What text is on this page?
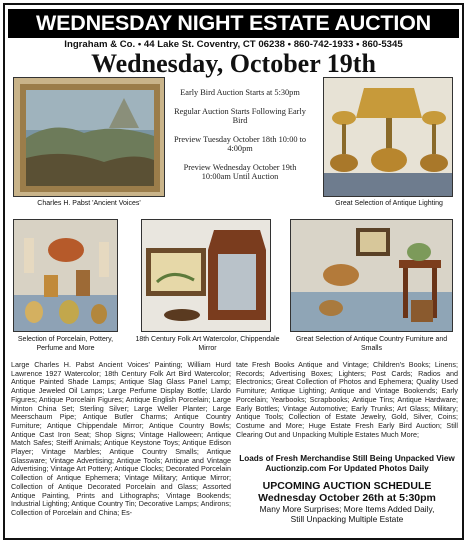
WEDNESDAY NIGHT ESTATE AUCTION
Ingraham & Co. • 44 Lake St. Coventry, CT 06238 • 860-742-1933 • 860-5345
Wednesday, October 19th
Charles H. Pabst 'Ancient Voices'

Early Bird Auction Starts at 5:30pm

Regular Auction Starts Following Early Bird

Preview Tuesday October 18th 10:00 to 4:00pm

Preview Wednesday October 19th 10:00am Until Auction

Great Selection of Antique Lighting
Selection of Porcelain, Pottery, Perfume and More
18th Century Folk Art Watercolor, Chippendale Mirror
Great Selection of Antique Country Furniture and Smalls
Large Charles H. Pabst Ancient Voices' Painting; William Hurd Lawrence 1927 Watercolor; 18th Century Folk Art Bird Watercolor; Antique Painted Shade Lamps; Antique Slag Glass Panel Lamp; Antique Jeweled Oil Lamps; Large Perfume Display Bottle; Llardo Figures; Antique Porcelain Figures; Antique English Porcelain; Large Minton China Set; Sterling Silver; Large Weller Planter; Large Meerschaum Pipe; Antique Butler Charms; Antique Country Furniture; Antique Chippendale Mirror; Antique Country Bowls; Antique Cast Iron Seat; Shop Signs; Vintage Halloween; Antique Match Safes; Steiff Animals; Antique Keystone Toys; Antique Edison Player; Vintage Marbles; Antique Country Smalls; Antique Glassware; Vintage Advertising; Antique Tools; Antique and Vintage Advertising; Vintage Art Pottery; Antique Clocks; Decorated Porcelain Collection of Antique Ephemera; Vintage Military; Antique Mirror; Collection of Antique Decorated Porcelain and Glass; Assorted Antique Painting, Prints and Lithographs; Vintage Bookends; Industrial Lighting; Antique Country Tin; Decorative Lamps; Andirons; Collection of Porcelain and China; Es-
tate Fresh Books Antique and Vintage; Children's Books; Linens; Records; Advertising Boxes; Lighters; Post Cards; Radios and Electronics; Great Collection of Photos and Ephemera; Quality Used Furniture; Antique Lighting; Antique and Vintage Bookends; Early Porcelain; Yearbooks; Scrapbooks; Antique Tins; Antique Hardware; Early Bottles; Vintage Automotive; Early Trunks; Art Glass; Military; Antique Tools; Collection of Estate Jewelry, Gold, Silver, Coins; Costume and More; Huge Estate Fresh Early Bird Auction; Still Clearing Out and Unpacking Multiple Estates Much More;
Loads of Fresh Merchandise Still Being Unpacked View Auctionzip.com For Updated Photos Daily
UPCOMING AUCTION SCHEDULE
Wednesday October 26th at 5:30pm
Many More Surprises; More Items Added Daily,
Still Unpacking Multiple Estate
